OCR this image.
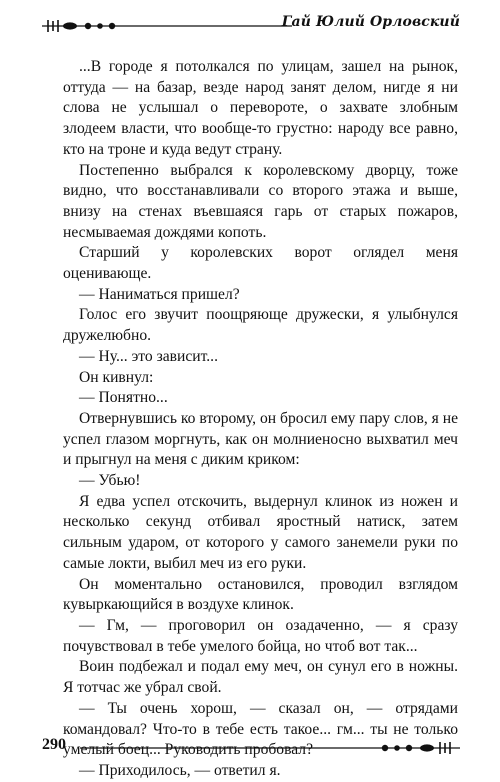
Гай Юлий Орловский

...В городе я потолкался по улицам, зашел на рынок, оттуда — на базар, везде народ занят делом, нигде я ни слова не услышал о перевороте, о захвате злобным злодеем власти, что вообще-то грустно: народу все равно, кто на троне и куда ведут страну.

Постепенно выбрался к королевскому дворцу, тоже видно, что восстанавливали со второго этажа и выше, внизу на стенах въевшаяся гарь от старых пожаров, несмываемая дождями копоть.

Старший у королевских ворот оглядел меня оценивающе.

— Наниматься пришел?

Голос его звучит поощряюще дружески, я улыбнулся дружелюбно.

— Ну... это зависит...

Он кивнул:

— Понятно...

Отвернувшись ко второму, он бросил ему пару слов, я не успел глазом моргнуть, как он молниеносно выхватил меч и прыгнул на меня с диким криком:

— Убью!

Я едва успел отскочить, выдернул клинок из ножен и несколько секунд отбивал яростный натиск, затем сильным ударом, от которого у самого занемели руки по самые локти, выбил меч из его руки.

Он моментально остановился, проводил взглядом кувыркающийся в воздухе клинок.

— Гм, — проговорил он озадаченно, — я сразу почувствовал в тебе умелого бойца, но чтоб вот так...

Воин подбежал и подал ему меч, он сунул его в ножны. Я тотчас же убрал свой.

— Ты очень хорош, — сказал он, — отрядами командовал? Что-то в тебе есть такое... гм... ты не только умелый боец... Руководить пробовал?

— Приходилось, — ответил я.

290
